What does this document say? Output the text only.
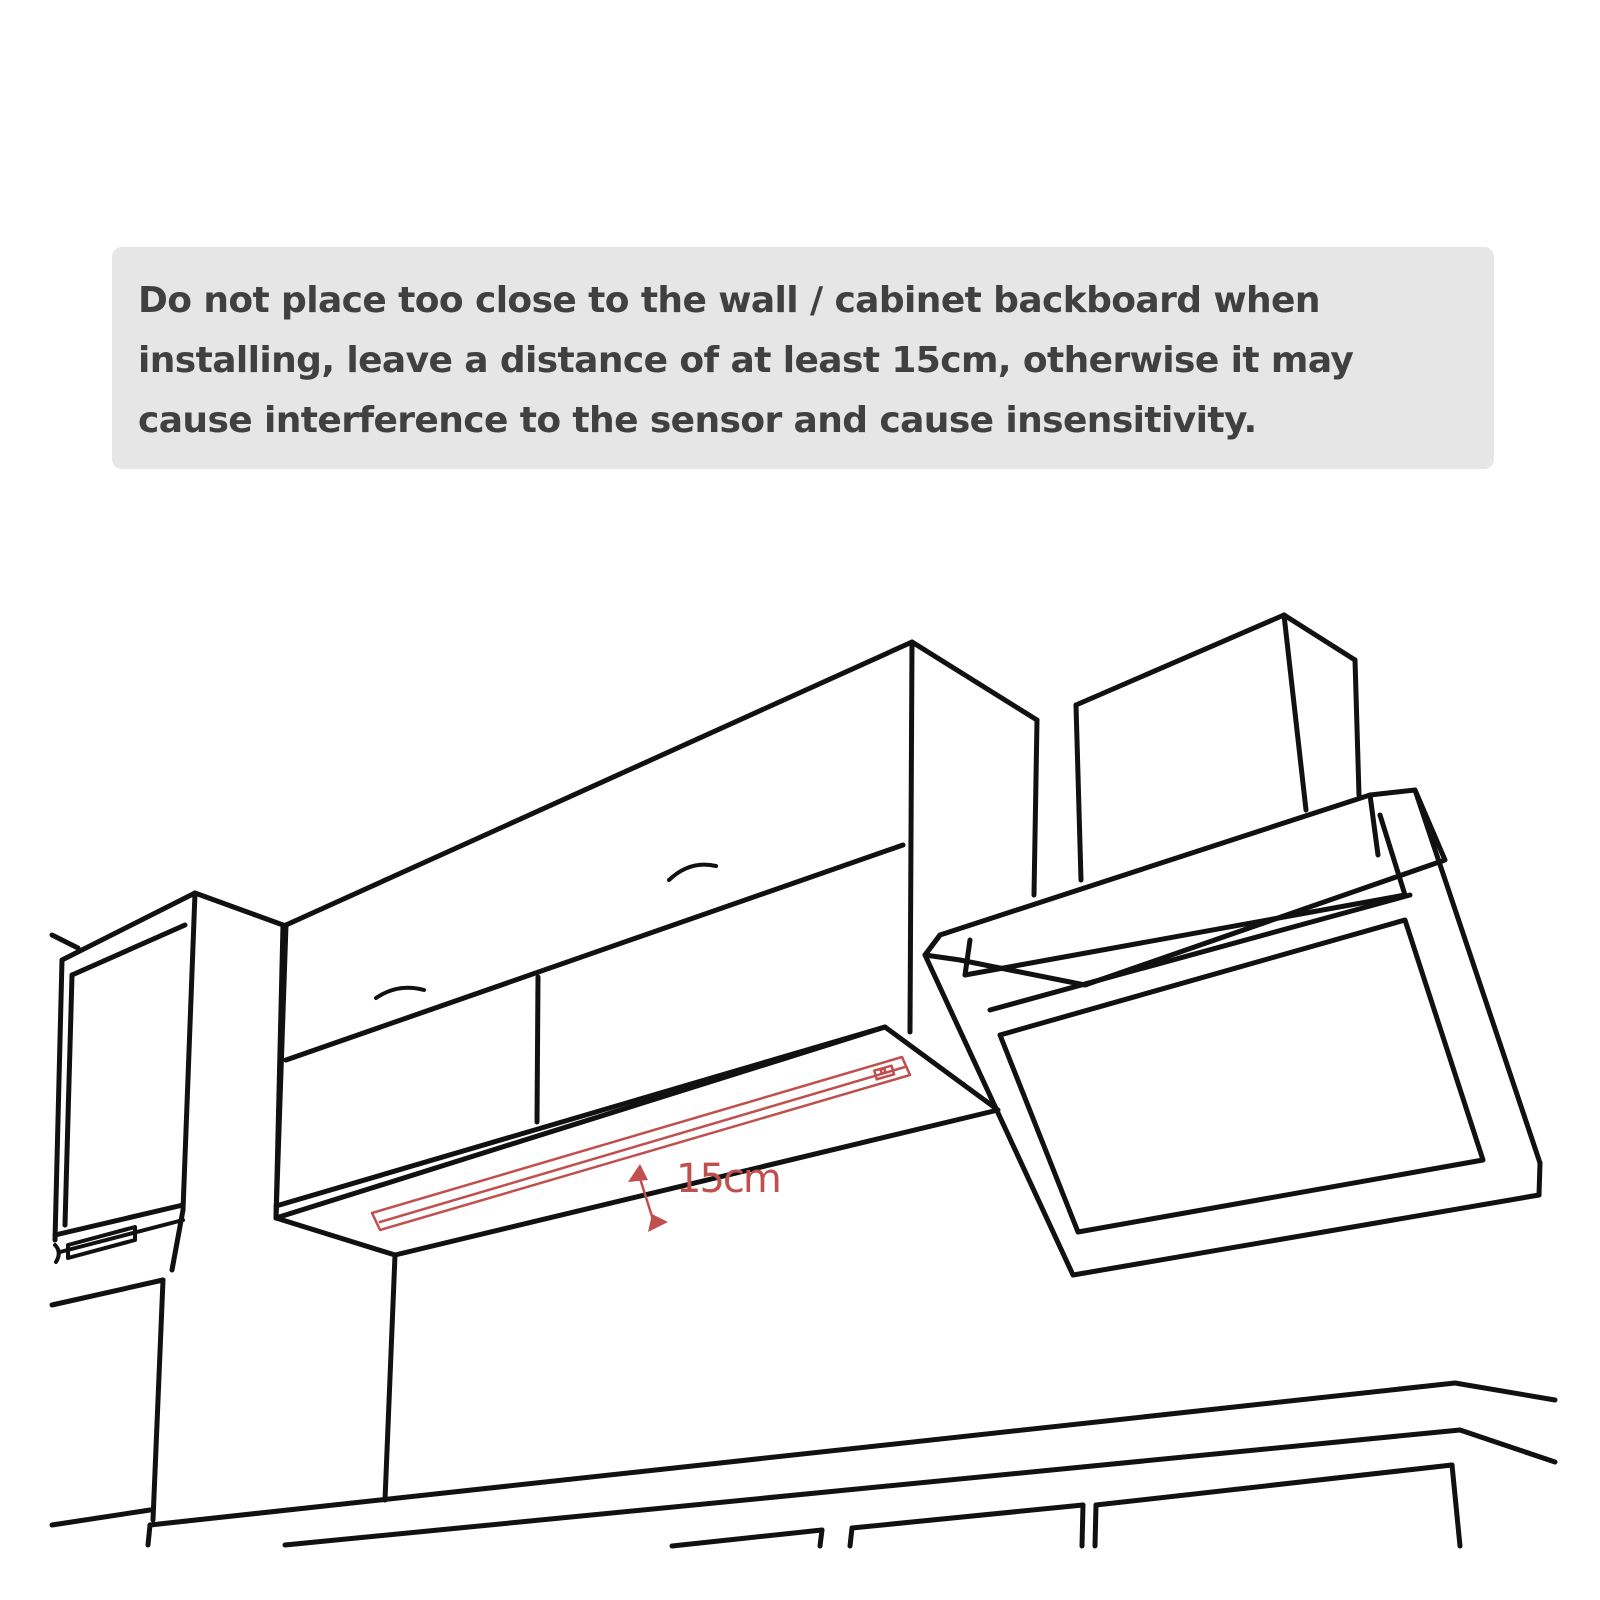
Do not place too close to the wall / cabinet backboard when installing, leave a distance of at least 15cm, otherwise it may cause interference to the sensor and cause insensitivity.

15cm
